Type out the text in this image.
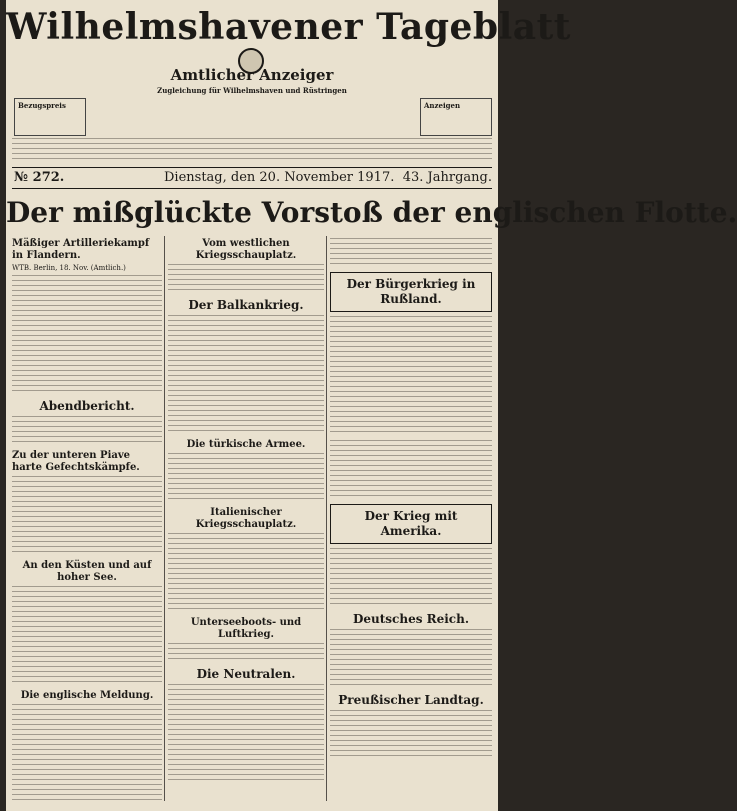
Wilhelmshavener Tageblatt
Amtlicher Anzeiger
Zugleichung für Wilhelmshaven und Rüstringen
Bezugspreis	Anzeigen
№ 272.	Dienstag, den 20. November 1917. 43. Jahrgang.
Der mißglückte Vorstoß der englischen Flotte.
Mäßiger Artilleriekampf in Flandern.
WTB. Berlin, 18. Nov. (Amtlich.)
Abendbericht.
Zu der unteren Piave harte Gefechtskämpfe.
An den Küsten und auf hoher See.
Die englische Meldung.
Vom westlichen Kriegsschauplatz.
Der Balkankrieg.
Die türkische Armee.
Italienischer Kriegsschauplatz.
Unterseeboots- und Luftkrieg.
Die Neutralen.
Der Bürgerkrieg in Rußland.
Der Krieg mit Amerika.
Deutsches Reich.
Preußischer Landtag.
